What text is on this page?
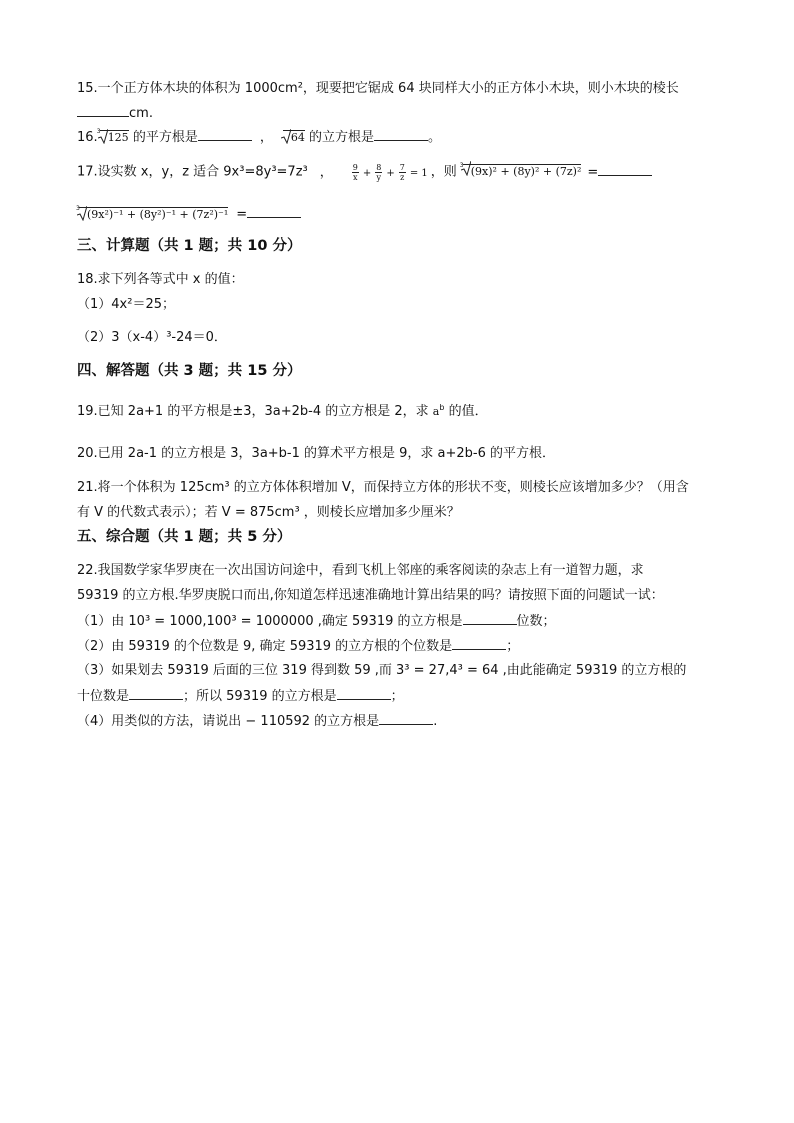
15.一个正方体木块的体积为 1000cm²，现要把它锯成 64 块同样大小的正方体小木块，则小木块的棱长
cm.
16. 3 125 的平方根是	， 64 的立方根是	。
17.设实数 x，y，z 适合 9x³=8y³=7z³ ， $\frac{9}{x} + \frac{8}{y} + \frac{7}{z} = 1$ ，则 3 (9x)² + (8y)² + (7z)² =
3 (9x²)⁻¹ + (8y²)⁻¹ + (7z²)⁻¹ =
三、计算题（共 1 题；共 10 分）
18.求下列各等式中 x 的值：
（1）4x²＝25；
（2）3（x-4）³-24＝0．
四、解答题（共 3 题；共 15 分）
19.已知 2a+1 的平方根是±3，3a+2b-4 的立方根是 2，求 $a^b$ 的值．
20.已用 2a-1 的立方根是 3，3a+b-1 的算术平方根是 9，求 a+2b-6 的平方根．
21.将一个体积为 125cm³ 的立方体体积增加 V，而保持立方体的形状不变，则棱长应该增加多少？（用含
有 V 的代数式表示）；若 V = 875cm³ ，则棱长应增加多少厘米？
五、综合题（共 1 题；共 5 分）
22.我国数学家华罗庚在一次出国访问途中，看到飞机上邻座的乘客阅读的杂志上有一道智力题，求
59319 的立方根.华罗庚脱口而出,你知道怎样迅速准确地计算出结果的吗？请按照下面的问题试一试：
（1）由 10³ = 1000,100³ = 1000000 ,确定 59319 的立方根是	位数；
（2）由 59319 的个位数是 9, 确定 59319 的立方根的个位数是	；
（3）如果划去 59319 后面的三位 319 得到数 59 ,而 3³ = 27,4³ = 64 ,由此能确定 59319 的立方根的
十位数是	；所以 59319 的立方根是	；
（4）用类似的方法，请说出 − 110592 的立方根是	.
